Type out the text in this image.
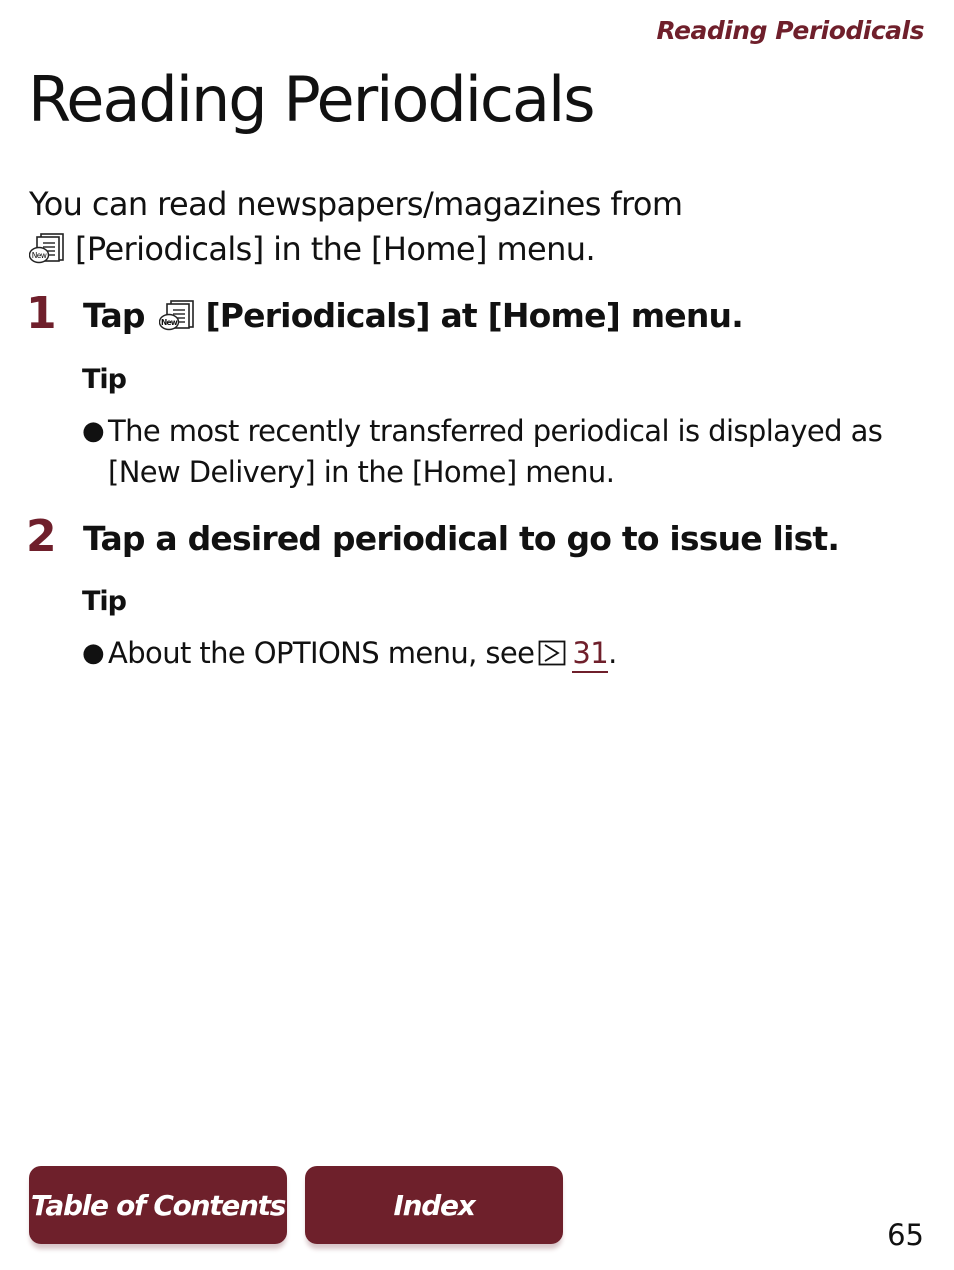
Reading Periodicals
Reading Periodicals

You can read newspapers/magazines from

New [Periodicals] in the [Home] menu.

1 Tap New [Periodicals] at [Home] menu.
Tip
● The most recently transferred periodical is displayed as
[New Delivery] in the [Home] menu.
2 Tap a desired periodical to go to issue list.
Tip
● About the OPTIONS menu, see 31.
Table of Contents	Index
65
